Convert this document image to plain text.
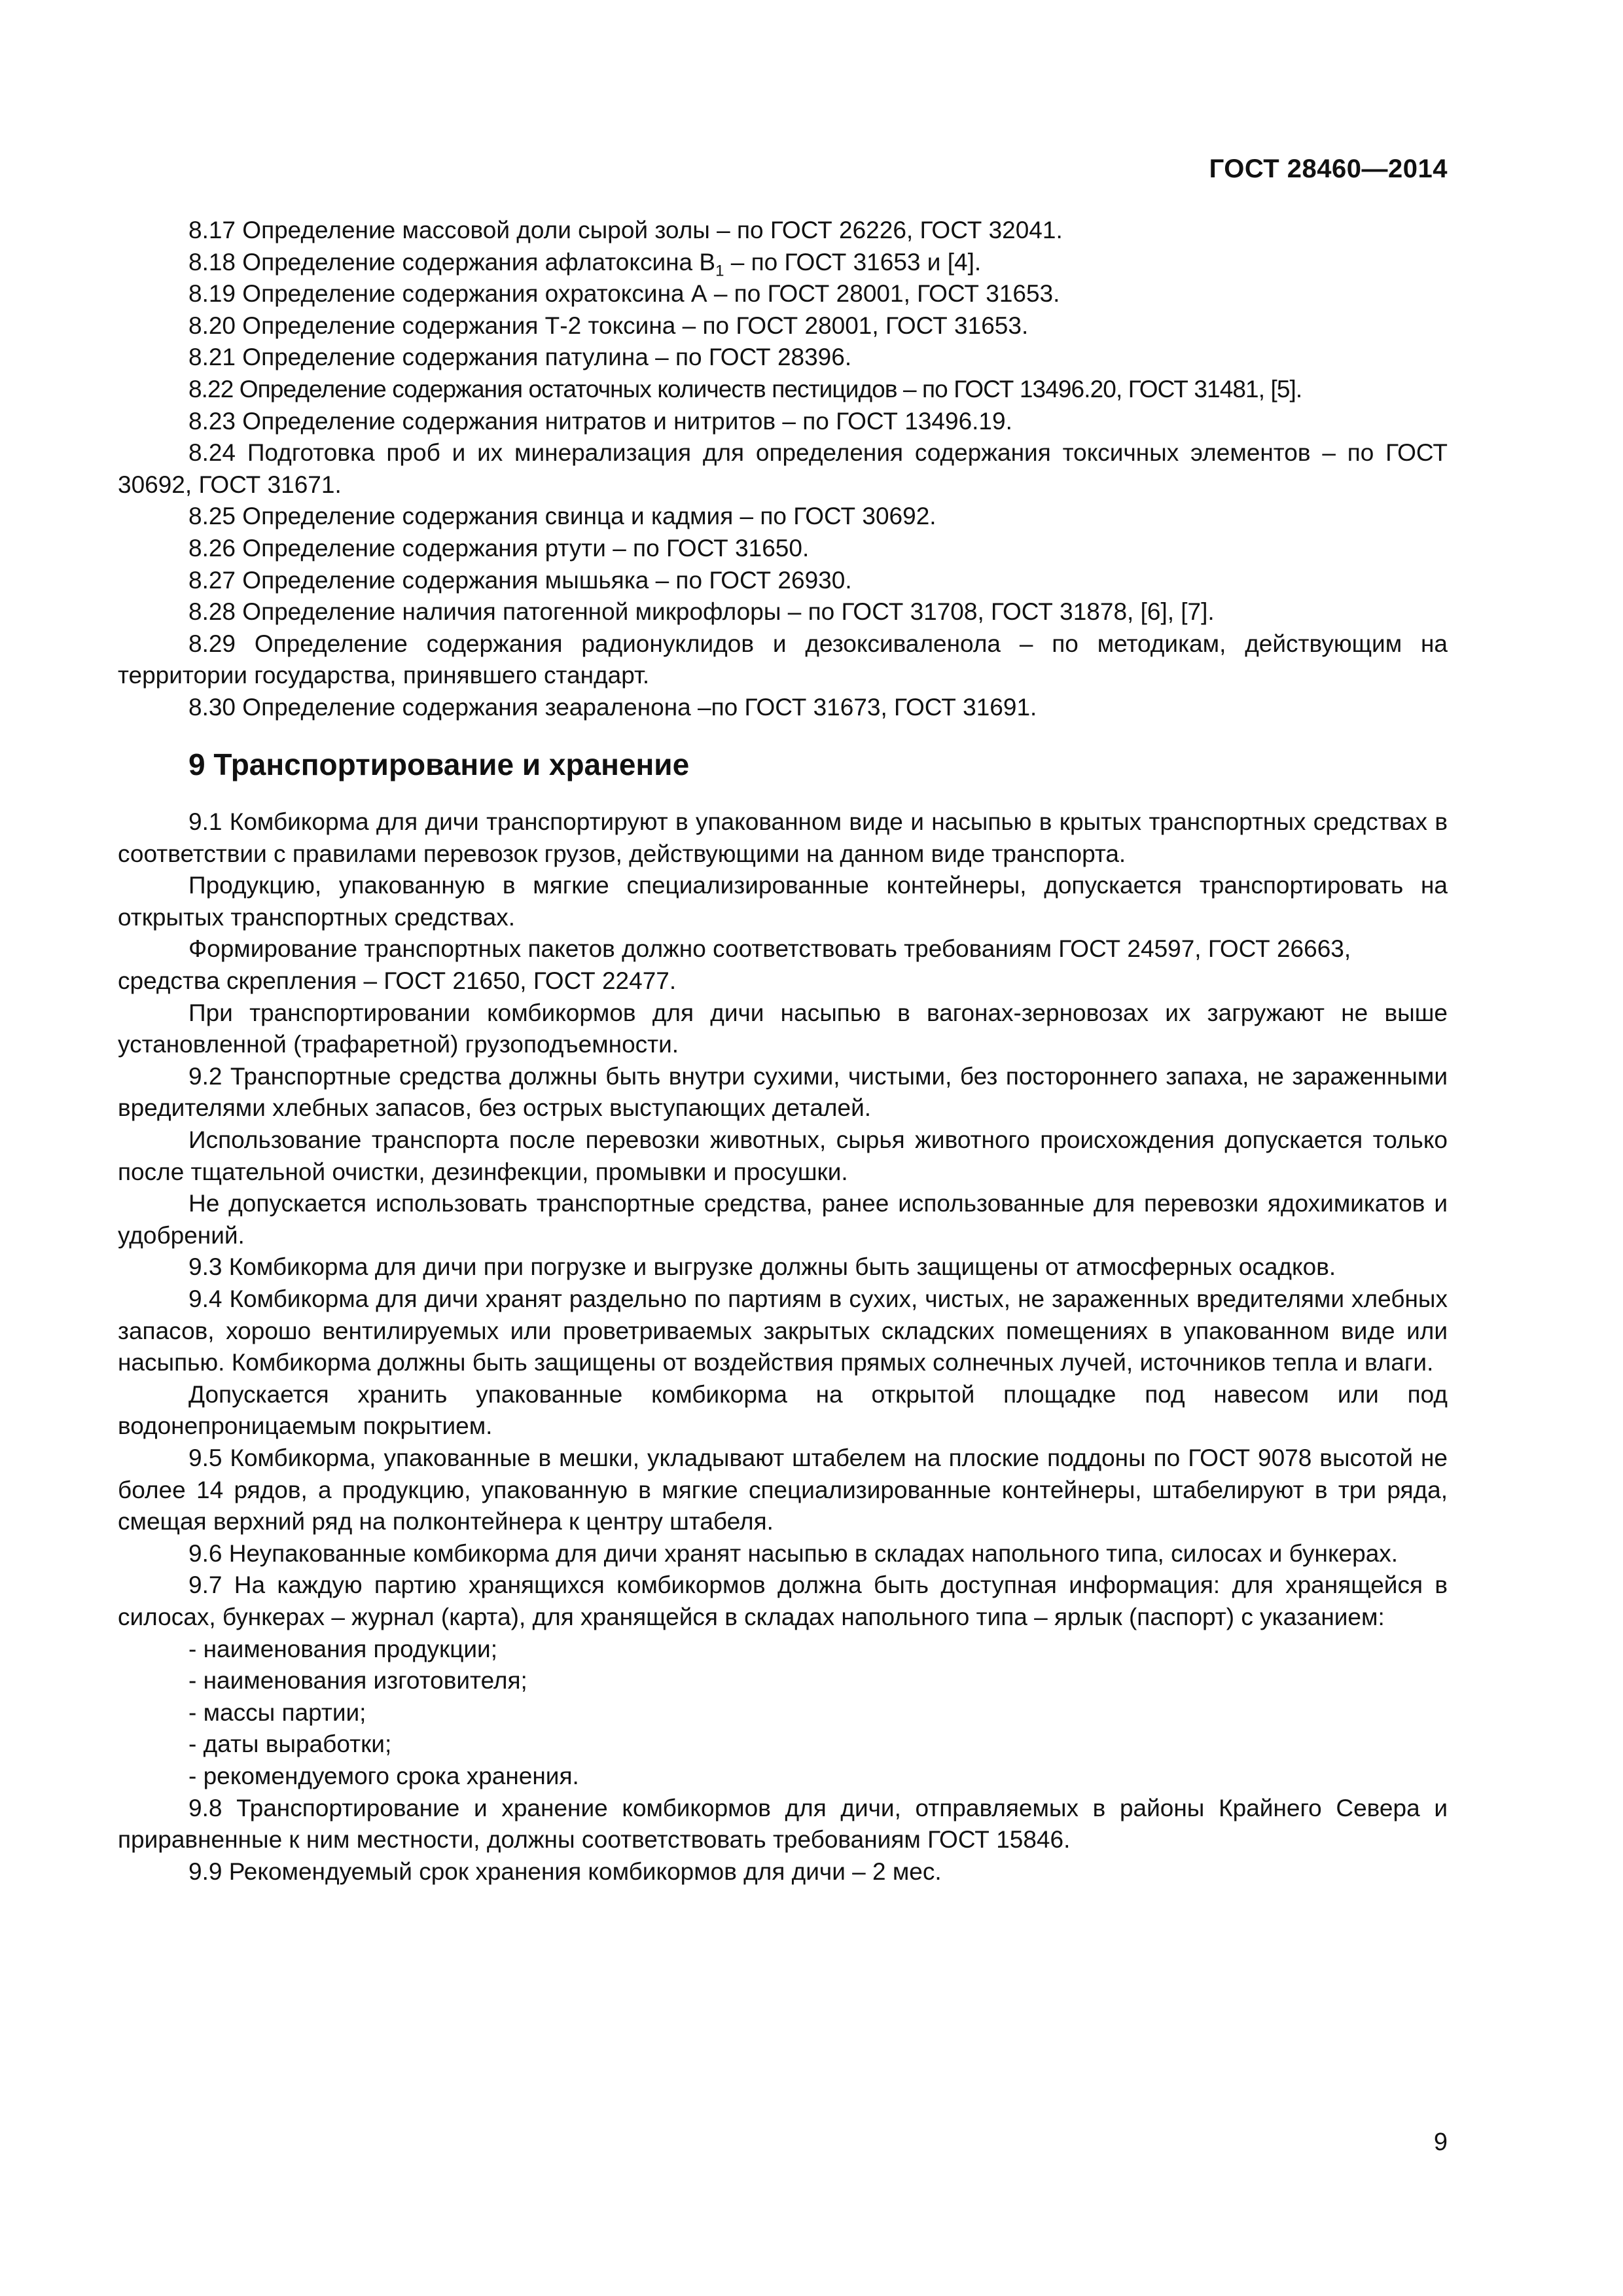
ГОСТ 28460—2014

8.17 Определение массовой доли сырой золы – по ГОСТ 26226, ГОСТ 32041.

8.18 Определение содержания афлатоксина $В_1$ – по ГОСТ 31653 и [4].

8.19 Определение содержания охратоксина А – по ГОСТ 28001, ГОСТ 31653.

8.20 Определение содержания Т-2 токсина – по ГОСТ 28001, ГОСТ 31653.

8.21 Определение содержания патулина – по ГОСТ 28396.

8.22 Определение содержания остаточных количеств пестицидов – по ГОСТ 13496.20, ГОСТ 31481, [5].

8.23 Определение содержания нитратов и нитритов – по ГОСТ 13496.19.

8.24 Подготовка проб и их минерализация для определения содержания токсичных элементов – по ГОСТ 30692, ГОСТ 31671.

8.25 Определение содержания свинца и кадмия – по ГОСТ 30692.

8.26 Определение содержания ртути – по ГОСТ 31650.

8.27 Определение содержания мышьяка – по ГОСТ 26930.

8.28 Определение наличия патогенной микрофлоры – по ГОСТ 31708, ГОСТ 31878, [6], [7].

8.29 Определение содержания радионуклидов и дезоксиваленола – по методикам, действующим на территории государства, принявшего стандарт.

8.30 Определение содержания зеараленона –по ГОСТ 31673, ГОСТ 31691.

9 Транспортирование и хранение

9.1 Комбикорма для дичи транспортируют в упакованном виде и насыпью в крытых транспортных средствах в соответствии с правилами перевозок грузов, действующими на данном виде транспорта.

Продукцию, упакованную в мягкие специализированные контейнеры, допускается транспортировать на открытых транспортных средствах.

Формирование транспортных пакетов должно соответствовать требованиям ГОСТ 24597, ГОСТ 26663, средства скрепления – ГОСТ 21650, ГОСТ 22477.

При транспортировании комбикормов для дичи насыпью в вагонах-зерновозах их загружают не выше установленной (трафаретной) грузоподъемности.

9.2 Транспортные средства должны быть внутри сухими, чистыми, без постороннего запаха, не зараженными вредителями хлебных запасов, без острых выступающих деталей.

Использование транспорта после перевозки животных, сырья животного происхождения допускается только после тщательной очистки, дезинфекции, промывки и просушки.

Не допускается использовать транспортные средства, ранее использованные для перевозки ядохимикатов и удобрений.

9.3 Комбикорма для дичи при погрузке и выгрузке должны быть защищены от атмосферных осадков.

9.4 Комбикорма для дичи хранят раздельно по партиям в сухих, чистых, не зараженных вредителями хлебных запасов, хорошо вентилируемых или проветриваемых закрытых складских помещениях в упакованном виде или насыпью. Комбикорма должны быть защищены от воздействия прямых солнечных лучей, источников тепла и влаги.

Допускается хранить упакованные комбикорма на открытой площадке под навесом или под водонепроницаемым покрытием.

9.5 Комбикорма, упакованные в мешки, укладывают штабелем на плоские поддоны по ГОСТ 9078 высотой не более 14 рядов, а продукцию, упакованную в мягкие специализированные контейнеры, штабелируют в три ряда, смещая верхний ряд на полконтейнера к центру штабеля.

9.6 Неупакованные комбикорма для дичи хранят насыпью в складах напольного типа, силосах и бункерах.

9.7 На каждую партию хранящихся комбикормов должна быть доступная информация: для хранящейся в силосах, бункерах – журнал (карта), для хранящейся в складах напольного типа – ярлык (паспорт) с указанием:

- наименования продукции;
- наименования изготовителя;
- массы партии;
- даты выработки;
- рекомендуемого срока хранения.

9.8 Транспортирование и хранение комбикормов для дичи, отправляемых в районы Крайнего Севера и приравненные к ним местности, должны соответствовать требованиям ГОСТ 15846.

9.9 Рекомендуемый срок хранения комбикормов для дичи – 2 мес.

9
